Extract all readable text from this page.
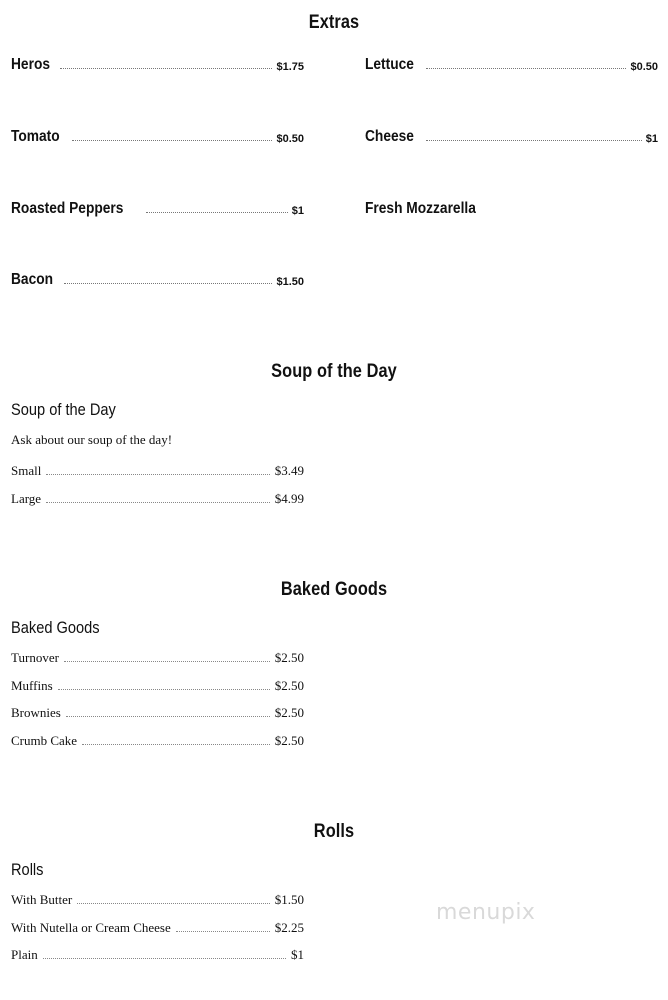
Extras
Heros	$1.75	Lettuce	$0.50
Tomato	$0.50	Cheese	$1
Roasted Peppers	$1	Fresh Mozzarella
Bacon	$1.50
Soup of the Day
Soup of the Day
Ask about our soup of the day!
Small	$3.49
Large	$4.99
Baked Goods
Baked Goods
Turnover	$2.50
Muffins	$2.50
Brownies	$2.50
Crumb Cake	$2.50
Rolls
Rolls
With Butter	$1.50
With Nutella or Cream Cheese	$2.25
Plain	$1
menupix
